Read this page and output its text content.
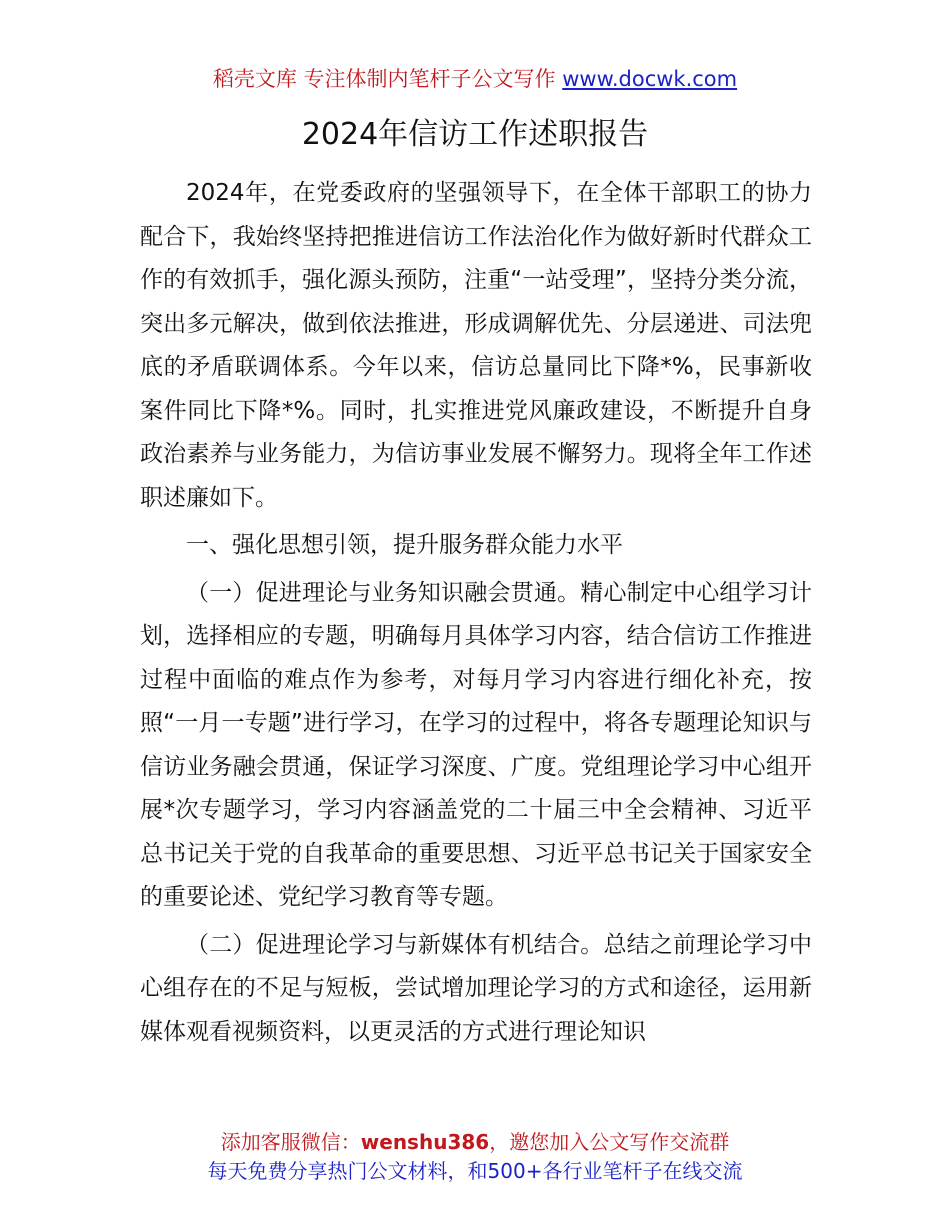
稻壳文库 专注体制内笔杆子公文写作 www.docwk.com
2024年信访工作述职报告

2024年，在党委政府的坚强领导下，在全体干部职工的协力配合下，我始终坚持把推进信访工作法治化作为做好新时代群众工作的有效抓手，强化源头预防，注重“一站受理”，坚持分类分流，突出多元解决，做到依法推进，形成调解优先、分层递进、司法兜底的矛盾联调体系。今年以来，信访总量同比下降*%，民事新收案件同比下降*%。同时，扎实推进党风廉政建设，不断提升自身政治素养与业务能力，为信访事业发展不懈努力。现将全年工作述职述廉如下。

一、强化思想引领，提升服务群众能力水平

（一）促进理论与业务知识融会贯通。精心制定中心组学习计划，选择相应的专题，明确每月具体学习内容，结合信访工作推进过程中面临的难点作为参考，对每月学习内容进行细化补充，按照“一月一专题”进行学习，在学习的过程中，将各专题理论知识与信访业务融会贯通，保证学习深度、广度。党组理论学习中心组开展*次专题学习，学习内容涵盖党的二十届三中全会精神、习近平总书记关于党的自我革命的重要思想、习近平总书记关于国家安全的重要论述、党纪学习教育等专题。

（二）促进理论学习与新媒体有机结合。总结之前理论学习中心组存在的不足与短板，尝试增加理论学习的方式和途径，运用新媒体观看视频资料，以更灵活的方式进行理论知识

添加客服微信：wenshu386，邀您加入公文写作交流群
每天免费分享热门公文材料，和500+各行业笔杆子在线交流
